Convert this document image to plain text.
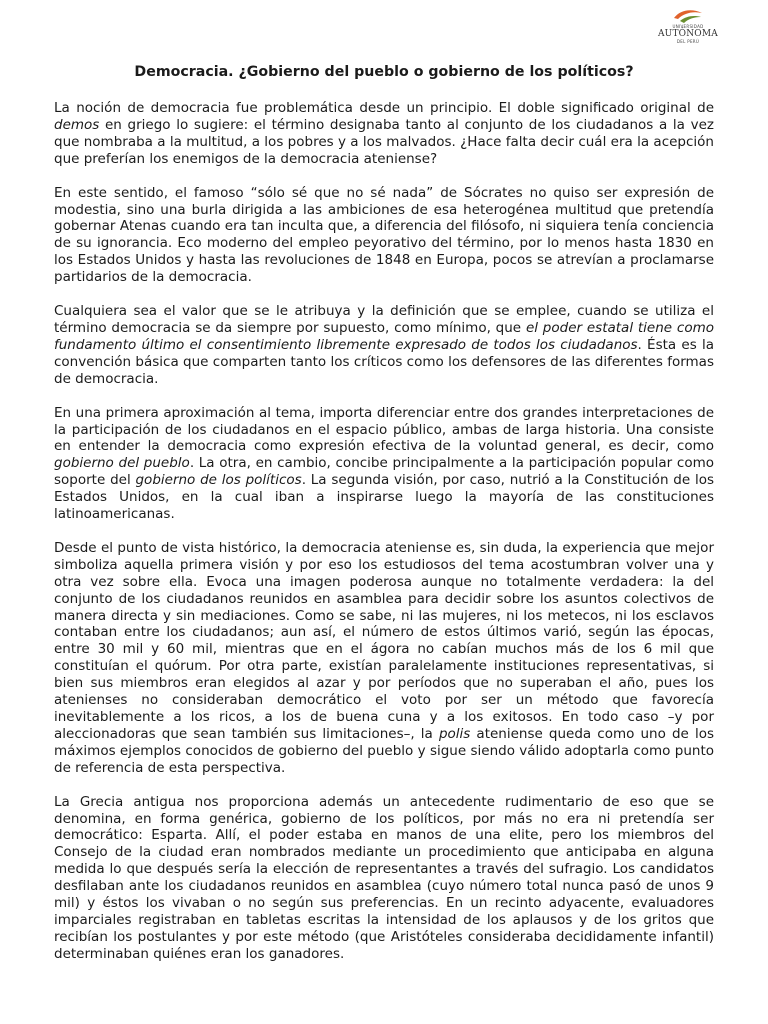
UNIVERSIDAD
AUTÓNOMA
DEL PERÚ
Democracia. ¿Gobierno del pueblo o gobierno de los políticos?

La noción de democracia fue problemática desde un principio. El doble significado original de demos en griego lo sugiere: el término designaba tanto al conjunto de los ciudadanos a la vez que nombraba a la multitud, a los pobres y a los malvados. ¿Hace falta decir cuál era la acepción que preferían los enemigos de la democracia ateniense?

En este sentido, el famoso “sólo sé que no sé nada” de Sócrates no quiso ser expresión de modestia, sino una burla dirigida a las ambiciones de esa heterogénea multitud que pretendía gobernar Atenas cuando era tan inculta que, a diferencia del filósofo, ni siquiera tenía conciencia de su ignorancia. Eco moderno del empleo peyorativo del término, por lo menos hasta 1830 en los Estados Unidos y hasta las revoluciones de 1848 en Europa, pocos se atrevían a proclamarse partidarios de la democracia.

Cualquiera sea el valor que se le atribuya y la definición que se emplee, cuando se utiliza el término democracia se da siempre por supuesto, como mínimo, que el poder estatal tiene como fundamento último el consentimiento libremente expresado de todos los ciudadanos. Ésta es la convención básica que comparten tanto los críticos como los defensores de las diferentes formas de democracia.

En una primera aproximación al tema, importa diferenciar entre dos grandes interpretaciones de la participación de los ciudadanos en el espacio público, ambas de larga historia. Una consiste en entender la democracia como expresión efectiva de la voluntad general, es decir, como gobierno del pueblo. La otra, en cambio, concibe principalmente a la participación popular como soporte del gobierno de los políticos. La segunda visión, por caso, nutrió a la Constitución de los Estados Unidos, en la cual iban a inspirarse luego la mayoría de las constituciones latinoamericanas.

Desde el punto de vista histórico, la democracia ateniense es, sin duda, la experiencia que mejor simboliza aquella primera visión y por eso los estudiosos del tema acostumbran volver una y otra vez sobre ella. Evoca una imagen poderosa aunque no totalmente verdadera: la del conjunto de los ciudadanos reunidos en asamblea para decidir sobre los asuntos colectivos de manera directa y sin mediaciones. Como se sabe, ni las mujeres, ni los metecos, ni los esclavos contaban entre los ciudadanos; aun así, el número de estos últimos varió, según las épocas, entre 30 mil y 60 mil, mientras que en el ágora no cabían muchos más de los 6 mil que constituían el quórum. Por otra parte, existían paralelamente instituciones representativas, si bien sus miembros eran elegidos al azar y por períodos que no superaban el año, pues los atenienses no consideraban democrático el voto por ser un método que favorecía inevitablemente a los ricos, a los de buena cuna y a los exitosos. En todo caso –y por aleccionadoras que sean también sus limitaciones–, la polis ateniense queda como uno de los máximos ejemplos conocidos de gobierno del pueblo y sigue siendo válido adoptarla como punto de referencia de esta perspectiva.

La Grecia antigua nos proporciona además un antecedente rudimentario de eso que se denomina, en forma genérica, gobierno de los políticos, por más no era ni pretendía ser democrático: Esparta. Allí, el poder estaba en manos de una elite, pero los miembros del Consejo de la ciudad eran nombrados mediante un procedimiento que anticipaba en alguna medida lo que después sería la elección de representantes a través del sufragio. Los candidatos desfilaban ante los ciudadanos reunidos en asamblea (cuyo número total nunca pasó de unos 9 mil) y éstos los vivaban o no según sus preferencias. En un recinto adyacente, evaluadores imparciales registraban en tabletas escritas la intensidad de los aplausos y de los gritos que recibían los postulantes y por este método (que Aristóteles consideraba decididamente infantil) determinaban quiénes eran los ganadores.
